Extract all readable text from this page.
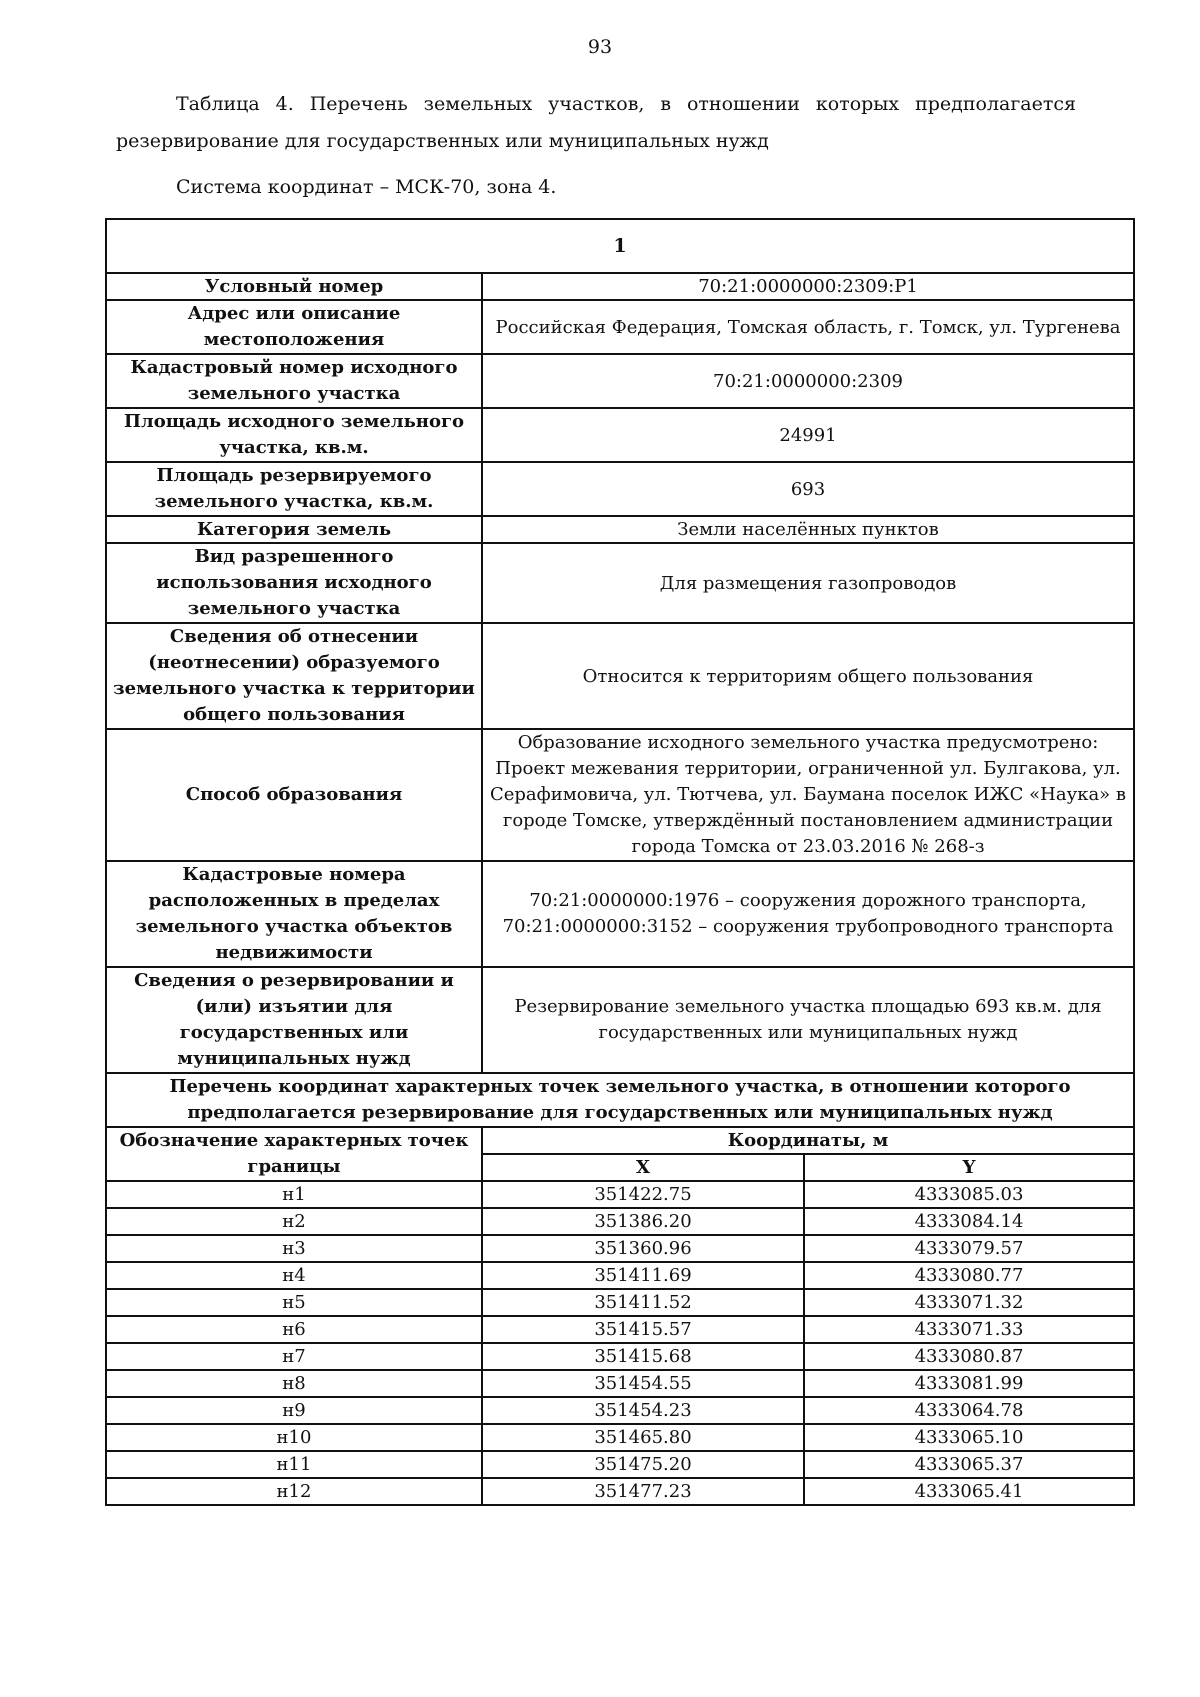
93
Таблица 4. Перечень земельных участков, в отношении которых предполагается
резервирование для государственных или муниципальных нужд
Система координат – МСК-70, зона 4.
1		
Условный номер	70:21:0000000:2309:Р1	
Адрес или описание местоположения	Российская Федерация, Томская область, г. Томск, ул. Тургенева	
Кадастровый номер исходного земельного участка	70:21:0000000:2309	
Площадь исходного земельного участка, кв.м.	24991	
Площадь резервируемого земельного участка, кв.м.	693	
Категория земель	Земли населённых пунктов	
Вид разрешенного использования исходного земельного участка	Для размещения газопроводов	
Сведения об отнесении (неотнесении) образуемого земельного участка к территории общего пользования	Относится к территориям общего пользования	
Способ образования	Образование исходного земельного участка предусмотрено: Проект межевания территории, ограниченной ул. Булгакова, ул. Серафимовича, ул. Тютчева, ул. Баумана поселок ИЖС «Наука» в городе Томске, утверждённый постановлением администрации города Томска от 23.03.2016 № 268-з	
Кадастровые номера расположенных в пределах земельного участка объектов недвижимости	70:21:0000000:1976 – сооружения дорожного транспорта,
70:21:0000000:3152 – сооружения трубопроводного транспорта	

Сведения о резервировании и (или) изъятии для государственных или муниципальных нужд	Резервирование земельного участка площадью 693 кв.м. для государственных или муниципальных нужд	
Перечень координат характерных точек земельного участка, в отношении которого предполагается резервирование для государственных или муниципальных нужд		
Обозначение характерных точек границы	Координаты, м	
	X	Y
н1	351422.75	4333085.03
н2	351386.20	4333084.14
н3	351360.96	4333079.57
н4	351411.69	4333080.77
н5	351411.52	4333071.32
н6	351415.57	4333071.33
н7	351415.68	4333080.87
н8	351454.55	4333081.99
н9	351454.23	4333064.78
н10	351465.80	4333065.10
н11	351475.20	4333065.37
н12	351477.23	4333065.41
